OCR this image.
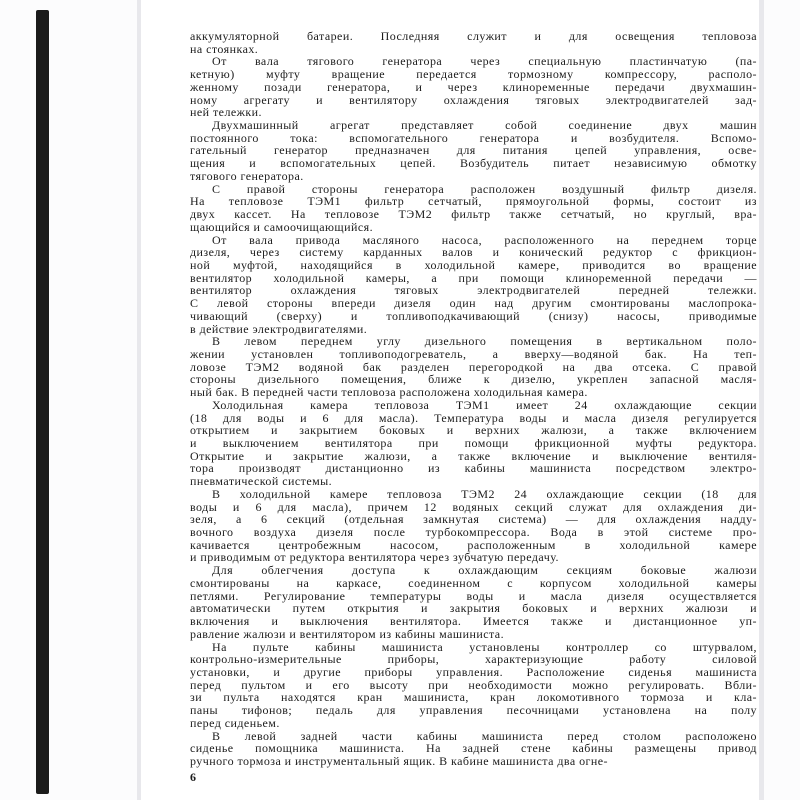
аккумуляторной батареи. Последняя служит и для освещения тепловоза
на стоянках.

От вала тягового генератора через специальную пластинчатую (па-
кетную) муфту вращение передается тормозному компрессору, располо-
женному позади генератора, и через клиноременные передачи двухмашин-
ному агрегату и вентилятору охлаждения тяговых электродвигателей зад-
ней тележки.

Двухмашинный агрегат представляет собой соединение двух машин
постоянного тока: вспомогательного генератора и возбудителя. Вспомо-
гательный генератор предназначен для питания цепей управления, осве-
щения и вспомогательных цепей. Возбудитель питает независимую обмотку
тягового генератора.

С правой стороны генератора расположен воздушный фильтр дизеля.
На тепловозе ТЭМ1 фильтр сетчатый, прямоугольной формы, состоит из
двух кассет. На тепловозе ТЭМ2 фильтр также сетчатый, но круглый, вра-
щающийся и самоочищающийся.

От вала привода масляного насоса, расположенного на переднем торце
дизеля, через систему карданных валов и конический редуктор с фрикцион-
ной муфтой, находящийся в холодильной камере, приводится во вращение
вентилятор холодильной камеры, а при помощи клиноременной передачи —
вентилятор охлаждения тяговых электродвигателей передней тележки.
С левой стороны впереди дизеля один над другим смонтированы маслопрока-
чивающий (сверху) и топливоподкачивающий (снизу) насосы, приводимые
в действие электродвигателями.

В левом переднем углу дизельного помещения в вертикальном поло-
жении установлен топливоподогреватель, а вверху—водяной бак. На теп-
ловозе ТЭМ2 водяной бак разделен перегородкой на два отсека. С правой
стороны дизельного помещения, ближе к дизелю, укреплен запасной масля-
ный бак. В передней части тепловоза расположена холодильная камера.

Холодильная камера тепловоза ТЭМ1 имеет 24 охлаждающие секции
(18 для воды и 6 для масла). Температура воды и масла дизеля регулируется
открытием и закрытием боковых и верхних жалюзи, а также включением
и выключением вентилятора при помощи фрикционной муфты редуктора.
Открытие и закрытие жалюзи, а также включение и выключение вентиля-
тора производят дистанционно из кабины машиниста посредством электро-
пневматической системы.

В холодильной камере тепловоза ТЭМ2 24 охлаждающие секции (18 для
воды и 6 для масла), причем 12 водяных секций служат для охлаждения ди-
зеля, а 6 секций (отдельная замкнутая система) — для охлаждения надду-
вочного воздуха дизеля после турбокомпрессора. Вода в этой системе про-
качивается центробежным насосом, расположенным в холодильной камере
и приводимым от редуктора вентилятора через зубчатую передачу.

Для облегчения доступа к охлаждающим секциям боковые жалюзи
смонтированы на каркасе, соединенном с корпусом холодильной камеры
петлями. Регулирование температуры воды и масла дизеля осуществляется
автоматически путем открытия и закрытия боковых и верхних жалюзи и
включения и выключения вентилятора. Имеется также и дистанционное уп-
равление жалюзи и вентилятором из кабины машиниста.

На пульте кабины машиниста установлены контроллер со штурвалом,
контрольно-измерительные приборы, характеризующие работу силовой
установки, и другие приборы управления. Расположение сиденья машиниста
перед пультом и его высоту при необходимости можно регулировать. Вбли-
зи пульта находятся кран машиниста, кран локомотивного тормоза и кла-
паны тифонов; педаль для управления песочницами установлена на полу
перед сиденьем.

В левой задней части кабины машиниста перед столом расположено
сиденье помощника машиниста. На задней стене кабины размещены привод
ручного тормоза и инструментальный ящик. В кабине машиниста два огне-

6
